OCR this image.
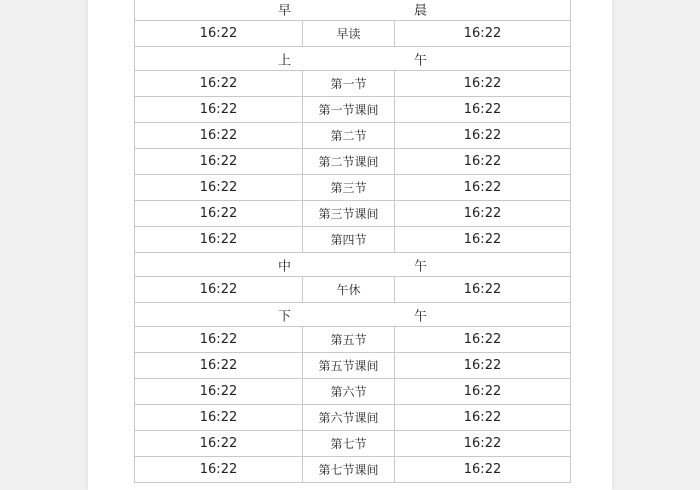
早 晨		

16:22	早读	16:22

上 午		

16:22	第一节	16:22
16:22	第一节课间	16:22
16:22	第二节	16:22
16:22	第二节课间	16:22
16:22	第三节	16:22
16:22	第三节课间	16:22
16:22	第四节	16:22

中 午		

16:22	午休	16:22

下 午		

16:22	第五节	16:22
16:22	第五节课间	16:22
16:22	第六节	16:22
16:22	第六节课间	16:22
16:22	第七节	16:22
16:22	第七节课间	16:22
